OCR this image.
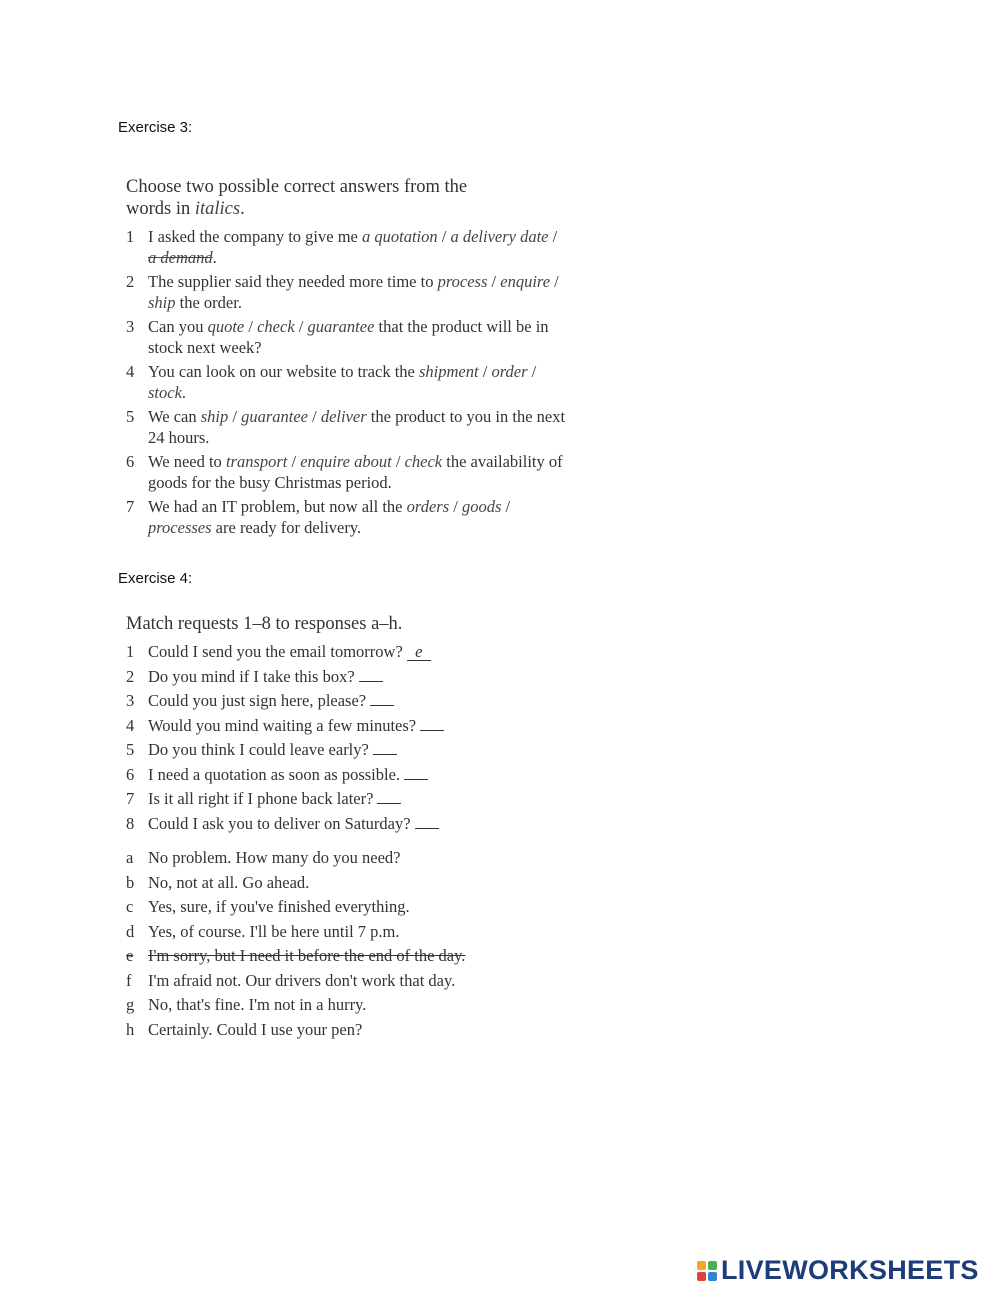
Exercise 3:
Choose two possible correct answers from the
words in italics.
1 I asked the company to give me a quotation / a delivery date / a demand.
2 The supplier said they needed more time to process / enquire / ship the order.
3 Can you quote / check / guarantee that the product will be in stock next week?
4 You can look on our website to track the shipment / order / stock.
5 We can ship / guarantee / deliver the product to you in the next 24 hours.
6 We need to transport / enquire about / check the availability of goods for the busy Christmas period.
7 We had an IT problem, but now all the orders / goods / processes are ready for delivery.
Exercise 4:
Match requests 1–8 to responses a–h.
1 Could I send you the email tomorrow? e
2 Do you mind if I take this box?
3 Could you just sign here, please?
4 Would you mind waiting a few minutes?
5 Do you think I could leave early?
6 I need a quotation as soon as possible.
7 Is it all right if I phone back later?
8 Could I ask you to deliver on Saturday?
a No problem. How many do you need?
b No, not at all. Go ahead.
c Yes, sure, if you've finished everything.
d Yes, of course. I'll be here until 7 p.m.
e I'm sorry, but I need it before the end of the day.
f	I'm afraid not. Our drivers don't work that day.
g No, that's fine. I'm not in a hurry.
h Certainly. Could I use your pen?
LIVEWORKSHEETS
